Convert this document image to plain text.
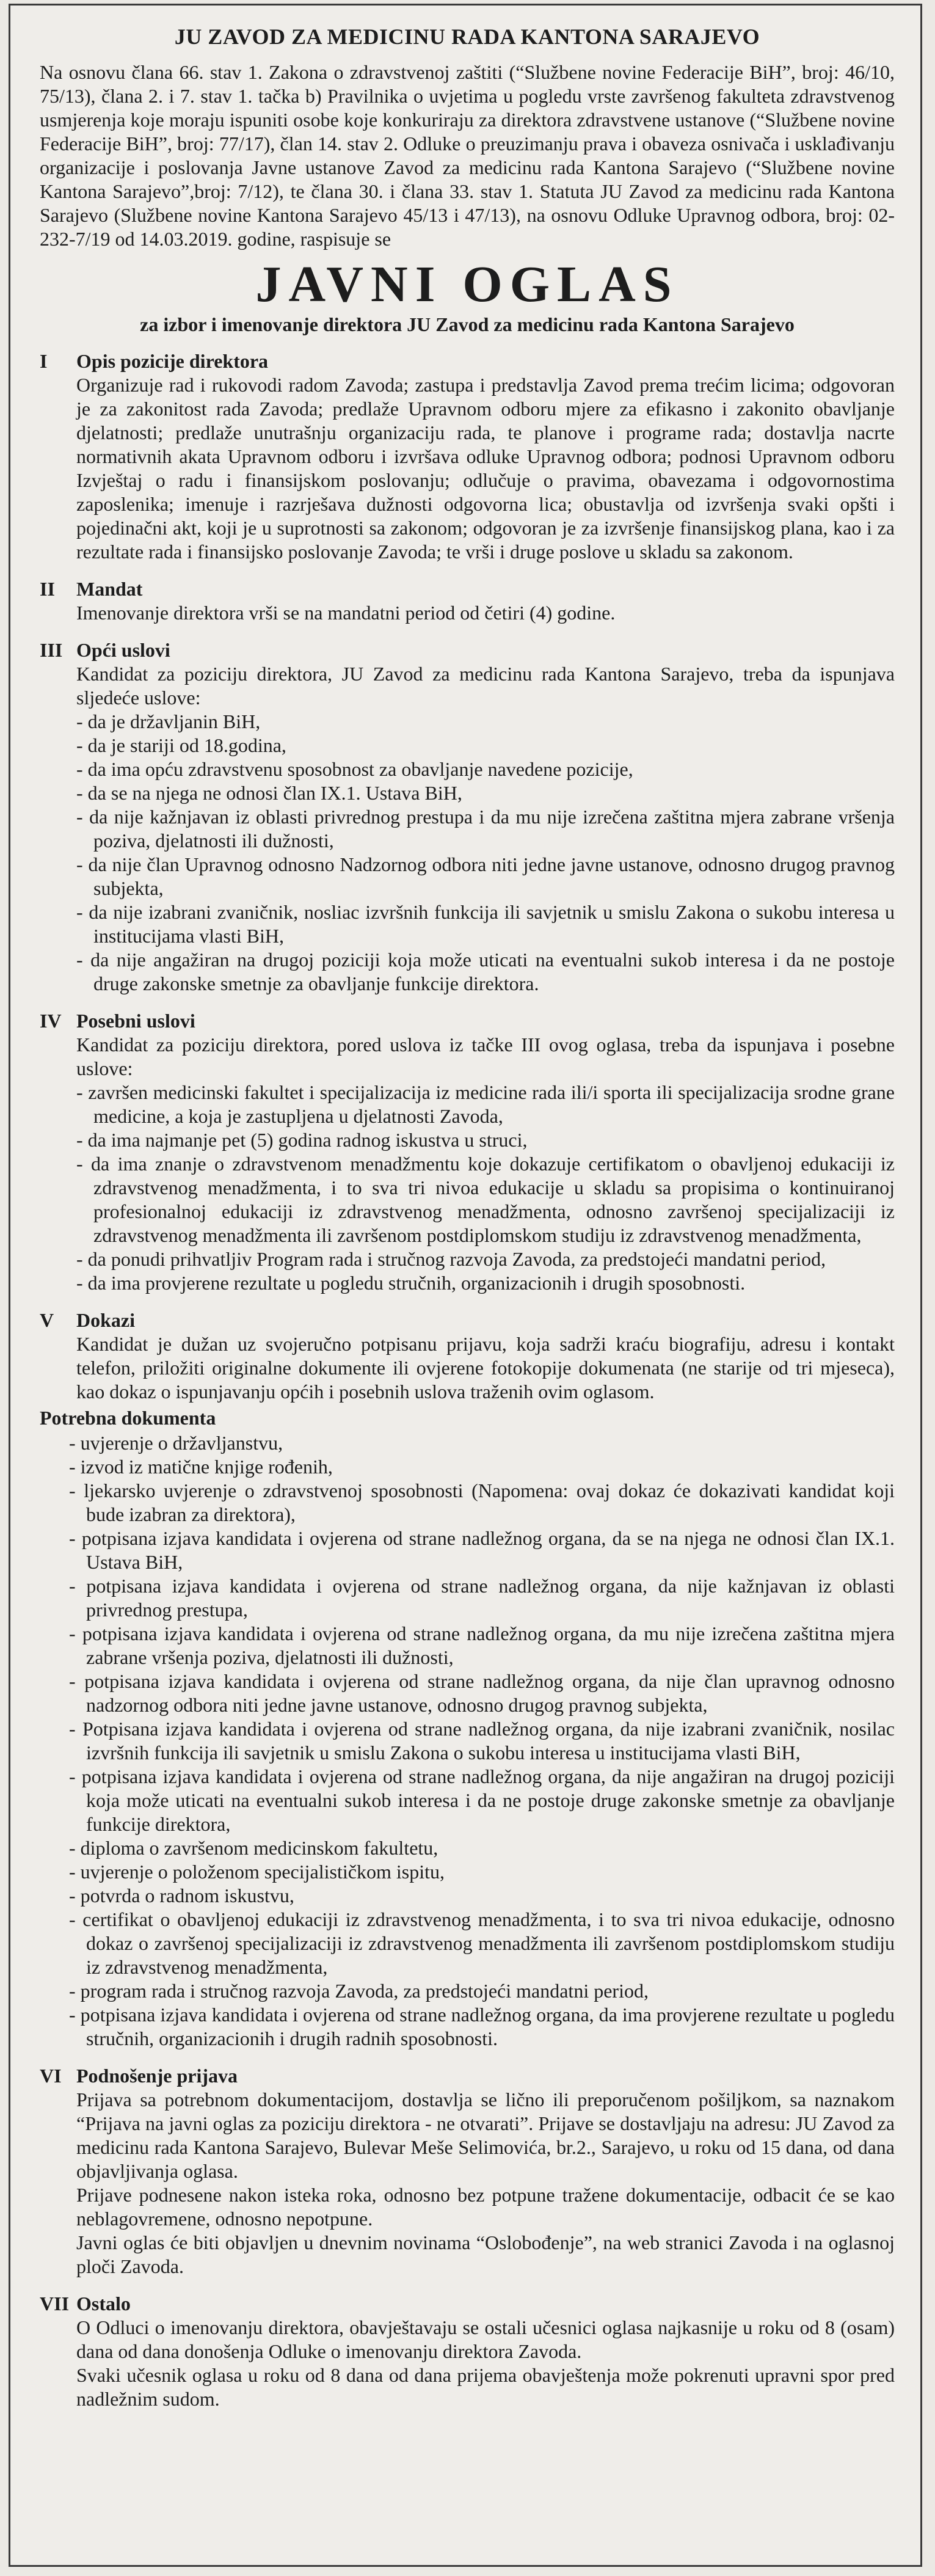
JU ZAVOD ZA MEDICINU RADA KANTONA SARAJEVO

Na osnovu člana 66. stav 1. Zakona o zdravstvenoj zaštiti (“Službene novine Federacije BiH”, broj: 46/10, 75/13), člana 2. i 7. stav 1. tačka b) Pravilnika o uvjetima u pogledu vrste završenog fakulteta zdravstvenog usmjerenja koje moraju ispuniti osobe koje konkuriraju za direktora zdravstvene ustanove (“Službene novine Federacije BiH”, broj: 77/17), član 14. stav 2. Odluke o preuzimanju prava i obaveza osnivača i usklađivanju organizacije i poslovanja Javne ustanove Zavod za medicinu rada Kantona Sarajevo (“Službene novine Kantona Sarajevo”,broj: 7/12), te člana 30. i člana 33. stav 1. Statuta JU Zavod za medicinu rada Kantona Sarajevo (Službene novine Kantona Sarajevo 45/13 i 47/13), na osnovu Odluke Upravnog odbora, broj: 02-232-7/19 od 14.03.2019. godine, raspisuje se

JAVNI OGLAS
za izbor i imenovanje direktora JU Zavod za medicinu rada Kantona Sarajevo
I	Opis pozicije direktora

Organizuje rad i rukovodi radom Zavoda; zastupa i predstavlja Zavod prema trećim licima; odgovoran je za zakonitost rada Zavoda; predlaže Upravnom odboru mjere za efikasno i zakonito obavljanje djelatnosti; predlaže unutrašnju organizaciju rada, te planove i programe rada; dostavlja nacrte normativnih akata Upravnom odboru i izvršava odluke Upravnog odbora; podnosi Upravnom odboru Izvještaj o radu i finansijskom poslovanju; odlučuje o pravima, obavezama i odgovornostima zaposlenika; imenuje i razrješava dužnosti odgovorna lica; obustavlja od izvršenja svaki opšti i pojedinačni akt, koji je u suprotnosti sa zakonom; odgovoran je za izvršenje finansijskog plana, kao i za rezultate rada i finansijsko poslovanje Zavoda; te vrši i druge poslove u skladu sa zakonom.

II	Mandat

Imenovanje direktora vrši se na mandatni period od četiri (4) godine.

III Opći uslovi
Kandidat za poziciju direktora, JU Zavod za medicinu rada Kantona Sarajevo, treba da ispunjava sljedeće uslove:
- da je državljanin BiH,
- da je stariji od 18.godina,
- da ima opću zdravstvenu sposobnost za obavljanje navedene pozicije,
- da se na njega ne odnosi član IX.1. Ustava BiH,
- da nije kažnjavan iz oblasti privrednog prestupa i da mu nije izrečena zaštitna mjera zabrane vršenja poziva, djelatnosti ili dužnosti,
- da nije član Upravnog odnosno Nadzornog odbora niti jedne javne ustanove, odnosno drugog pravnog subjekta,
- da nije izabrani zvaničnik, nosliac izvršnih funkcija ili savjetnik u smislu Zakona o sukobu interesa u institucijama vlasti BiH,
- da nije angažiran na drugoj poziciji koja može uticati na eventualni sukob interesa i da ne postoje druge zakonske smetnje za obavljanje funkcije direktora.
IV Posebni uslovi
Kandidat za poziciju direktora, pored uslova iz tačke III ovog oglasa, treba da ispunjava i posebne uslove:
- završen medicinski fakultet i specijalizacija iz medicine rada ili/i sporta ili specijalizacija srodne grane medicine, a koja je zastupljena u djelatnosti Zavoda,
- da ima najmanje pet (5) godina radnog iskustva u struci,
- da ima znanje o zdravstvenom menadžmentu koje dokazuje certifikatom o obavljenoj edukaciji iz zdravstvenog menadžmenta, i to sva tri nivoa edukacije u skladu sa propisima o kontinuiranoj profesionalnoj edukaciji iz zdravstvenog menadžmenta, odnosno završenoj specijalizaciji iz zdravstvenog menadžmenta ili završenom postdiplomskom studiju iz zdravstvenog menadžmenta,
- da ponudi prihvatljiv Program rada i stručnog razvoja Zavoda, za predstojeći mandatni period,
- da ima provjerene rezultate u pogledu stručnih, organizacionih i drugih sposobnosti.
V	Dokazi

Kandidat je dužan uz svojeručno potpisanu prijavu, koja sadrži kraću biografiju, adresu i kontakt telefon, priložiti originalne dokumente ili ovjerene fotokopije dokumenata (ne starije od tri mjeseca), kao dokaz o ispunjavanju općih i posebnih uslova traženih ovim oglasom.

Potrebna dokumenta
- uvjerenje o državljanstvu,
- izvod iz matične knjige rođenih,
- ljekarsko uvjerenje o zdravstvenoj sposobnosti (Napomena: ovaj dokaz će dokazivati kandidat koji bude izabran za direktora),
- potpisana izjava kandidata i ovjerena od strane nadležnog organa, da se na njega ne odnosi član IX.1. Ustava BiH,
- potpisana izjava kandidata i ovjerena od strane nadležnog organa, da nije kažnjavan iz oblasti privrednog prestupa,
- potpisana izjava kandidata i ovjerena od strane nadležnog organa, da mu nije izrečena zaštitna mjera zabrane vršenja poziva, djelatnosti ili dužnosti,
- potpisana izjava kandidata i ovjerena od strane nadležnog organa, da nije član upravnog odnosno nadzornog odbora niti jedne javne ustanove, odnosno drugog pravnog subjekta,
- Potpisana izjava kandidata i ovjerena od strane nadležnog organa, da nije izabrani zvaničnik, nosilac izvršnih funkcija ili savjetnik u smislu Zakona o sukobu interesa u institucijama vlasti BiH,
- potpisana izjava kandidata i ovjerena od strane nadležnog organa, da nije angažiran na drugoj poziciji koja može uticati na eventualni sukob interesa i da ne postoje druge zakonske smetnje za obavljanje funkcije direktora,
- diploma o završenom medicinskom fakultetu,
- uvjerenje o položenom specijalističkom ispitu,
- potvrda o radnom iskustvu,
- certifikat o obavljenoj edukaciji iz zdravstvenog menadžmenta, i to sva tri nivoa edukacije, odnosno dokaz o završenoj specijalizaciji iz zdravstvenog menadžmenta ili završenom postdiplomskom studiju iz zdravstvenog menadžmenta,
- program rada i stručnog razvoja Zavoda, za predstojeći mandatni period,
- potpisana izjava kandidata i ovjerena od strane nadležnog organa, da ima provjerene rezultate u pogledu stručnih, organizacionih i drugih radnih sposobnosti.
VI Podnošenje prijava

Prijava sa potrebnom dokumentacijom, dostavlja se lično ili preporučenom pošiljkom, sa naznakom “Prijava na javni oglas za poziciju direktora - ne otvarati”. Prijave se dostavljaju na adresu: JU Zavod za medicinu rada Kantona Sarajevo, Bulevar Meše Selimovića, br.2., Sarajevo, u roku od 15 dana, od dana objavljivanja oglasa.

Prijave podnesene nakon isteka roka, odnosno bez potpune tražene dokumentacije, odbacit će se kao neblagovremene, odnosno nepotpune.

Javni oglas će biti objavljen u dnevnim novinama “Oslobođenje”, na web stranici Zavoda i na oglasnoj ploči Zavoda.

VII Ostalo

O Odluci o imenovanju direktora, obavještavaju se ostali učesnici oglasa najkasnije u roku od 8 (osam) dana od dana donošenja Odluke o imenovanju direktora Zavoda.

Svaki učesnik oglasa u roku od 8 dana od dana prijema obavještenja može pokrenuti upravni spor pred nadležnim sudom.
